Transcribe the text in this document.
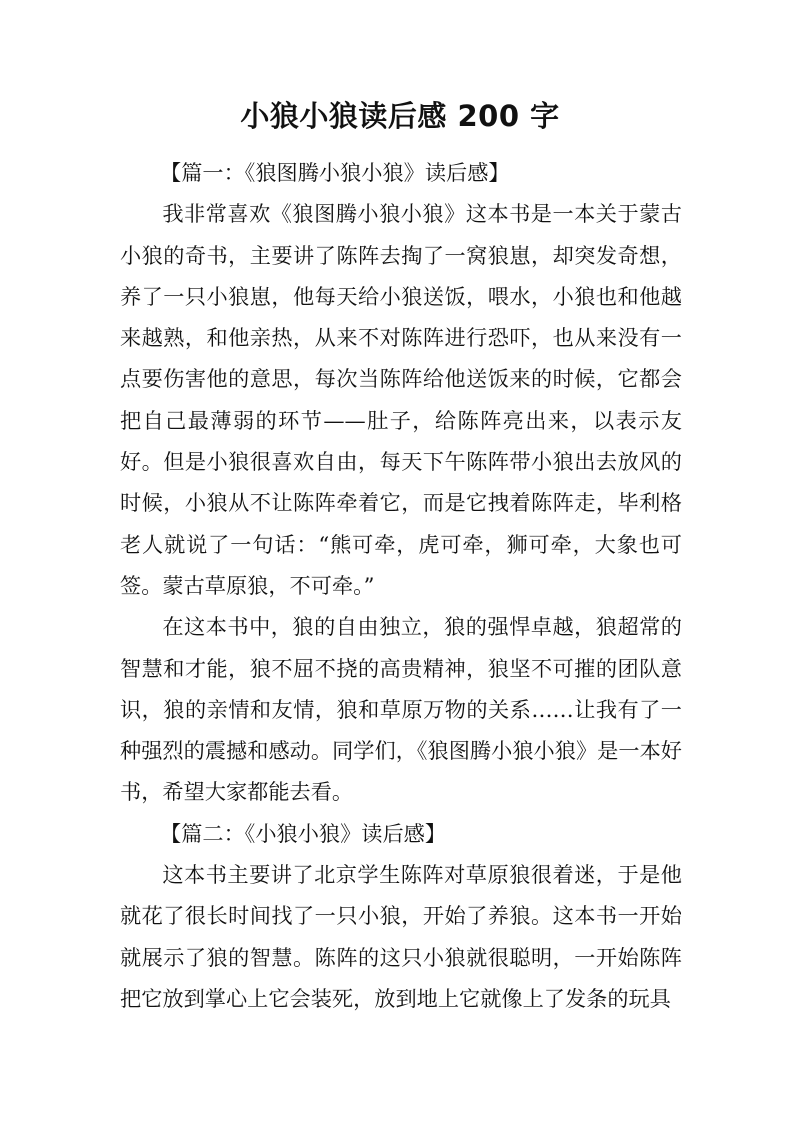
小狼小狼读后感 200 字

【篇一：《狼图腾小狼小狼》读后感】

我非常喜欢《狼图腾小狼小狼》这本书是一本关于蒙古小狼的奇书，主要讲了陈阵去掏了一窝狼崽，却突发奇想，养了一只小狼崽，他每天给小狼送饭，喂水，小狼也和他越来越熟，和他亲热，从来不对陈阵进行恐吓，也从来没有一点要伤害他的意思，每次当陈阵给他送饭来的时候，它都会把自己最薄弱的环节——肚子，给陈阵亮出来，以表示友好。但是小狼很喜欢自由，每天下午陈阵带小狼出去放风的时候，小狼从不让陈阵牵着它，而是它拽着陈阵走，毕利格老人就说了一句话：“熊可牵，虎可牵，狮可牵，大象也可签。蒙古草原狼，不可牵。”

在这本书中，狼的自由独立，狼的强悍卓越，狼超常的智慧和才能，狼不屈不挠的高贵精神，狼坚不可摧的团队意识，狼的亲情和友情，狼和草原万物的关系……让我有了一种强烈的震撼和感动。同学们，《狼图腾小狼小狼》是一本好书，希望大家都能去看。

【篇二：《小狼小狼》读后感】

这本书主要讲了北京学生陈阵对草原狼很着迷，于是他就花了很长时间找了一只小狼，开始了养狼。这本书一开始就展示了狼的智慧。陈阵的这只小狼就很聪明，一开始陈阵把它放到掌心上它会装死，放到地上它就像上了发条的玩具
